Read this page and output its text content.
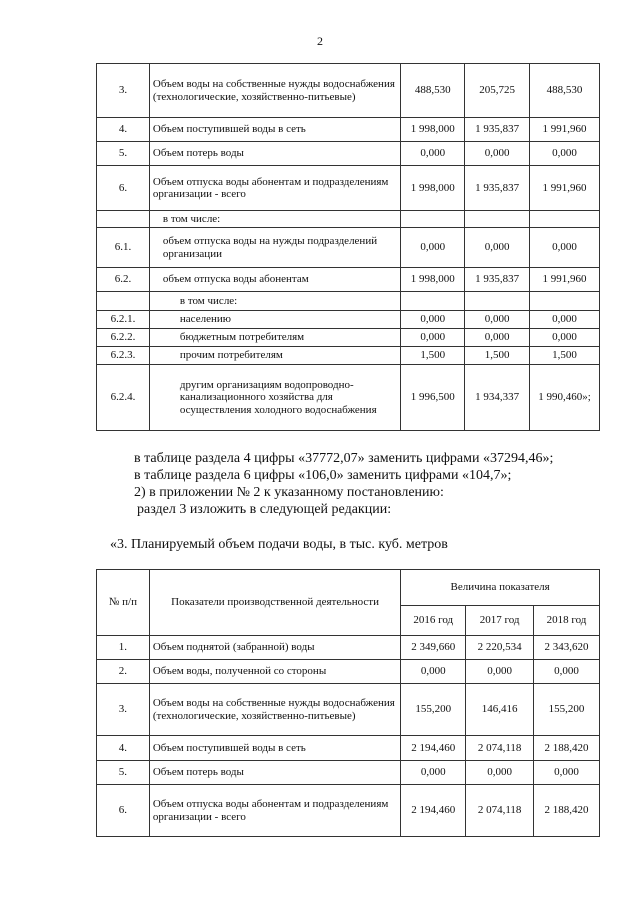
2
3.	Объем воды на собственные нужды водоснабжения (технологические, хозяйственно-питьевые)	488,530	205,725	488,530
4.	Объем поступившей воды в сеть	1 998,000	1 935,837	1 991,960
5.	Объем потерь воды	0,000	0,000	0,000
6.	Объем отпуска воды абонентам и подразделениям организации - всего	1 998,000	1 935,837	1 991,960
	в том числе:			
6.1.	объем отпуска воды на нужды подразделений организации	0,000	0,000	0,000
6.2.	объем отпуска воды абонентам	1 998,000	1 935,837	1 991,960
	в том числе:			
6.2.1.	населению	0,000	0,000	0,000
6.2.2.	бюджетным потребителям	0,000	0,000	0,000
6.2.3.	прочим потребителям	1,500	1,500	1,500
6.2.4.	другим организациям водопроводно-канализационного хозяйства для осуществления холодного водоснабжения	1 996,500	1 934,337	1 990,460»;
в таблице раздела 4 цифры «37772,07» заменить цифрами «37294,46»;
в таблице раздела 6 цифры «106,0» заменить цифрами «104,7»;
2) в приложении № 2 к указанному постановлению:
раздел 3 изложить в следующей редакции:
«3. Планируемый объем подачи воды, в тыс. куб. метров
№ п/п	Показатели производственной деятельности	Величина показателя		
		2016 год	2017 год	2018 год
1.	Объем поднятой (забранной) воды	2 349,660	2 220,534	2 343,620
2.	Объем воды, полученной со стороны	0,000	0,000	0,000
3.	Объем воды на собственные нужды водоснабжения (технологические, хозяйственно-питьевые)	155,200	146,416	155,200
4.	Объем поступившей воды в сеть	2 194,460	2 074,118	2 188,420
5.	Объем потерь воды	0,000	0,000	0,000
6.	Объем отпуска воды абонентам и подразделениям организации - всего	2 194,460	2 074,118	2 188,420
